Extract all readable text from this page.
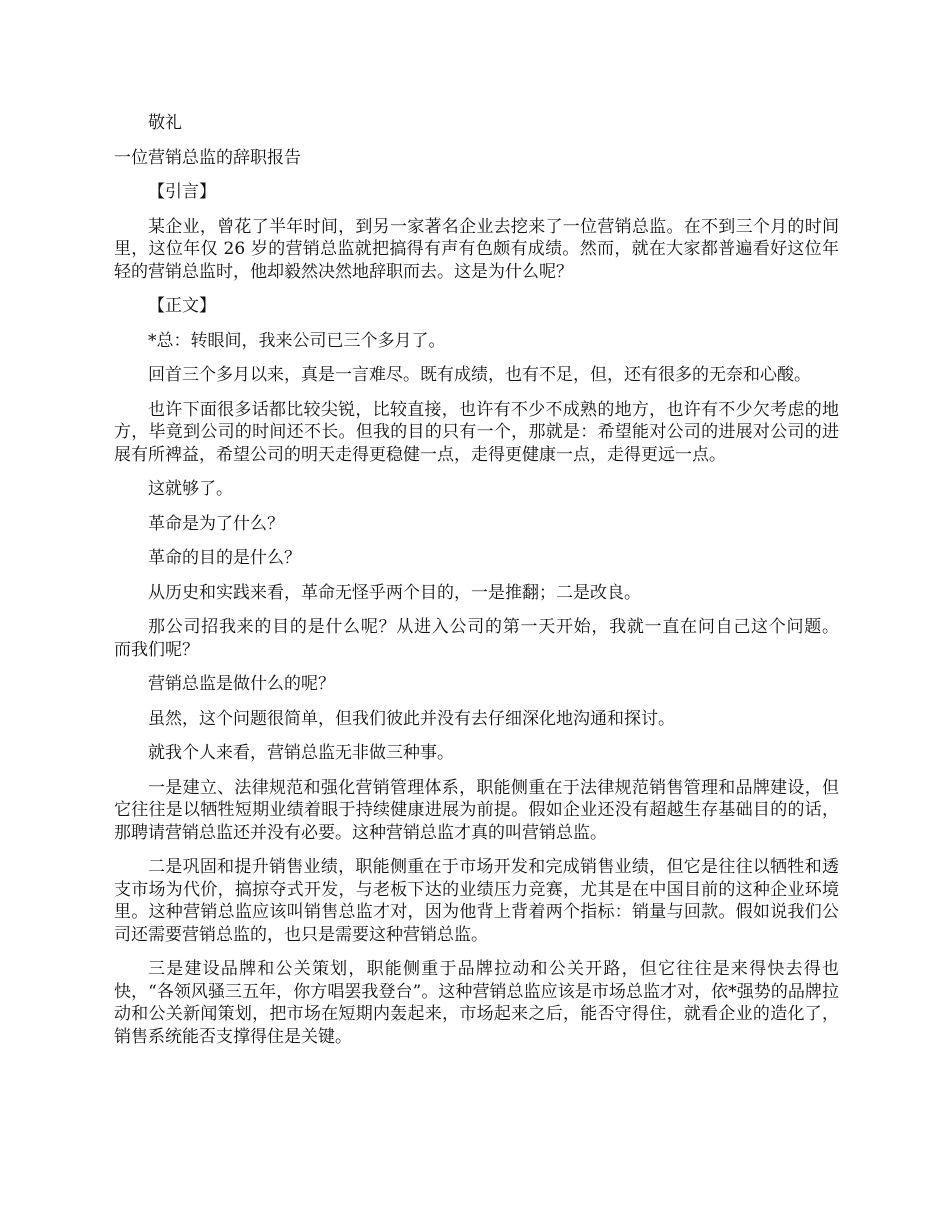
敬礼

一位营销总监的辞职报告

【引言】

某企业，曾花了半年时间，到另一家著名企业去挖来了一位营销总监。在不到三个月的时间里，这位年仅 26 岁的营销总监就把搞得有声有色颇有成绩。然而，就在大家都普遍看好这位年轻的营销总监时，他却毅然决然地辞职而去。这是为什么呢？

【正文】

*总：转眼间，我来公司已三个多月了。

回首三个多月以来，真是一言难尽。既有成绩，也有不足，但，还有很多的无奈和心酸。

也许下面很多话都比较尖锐，比较直接，也许有不少不成熟的地方，也许有不少欠考虑的地方，毕竟到公司的时间还不长。但我的目的只有一个，那就是：希望能对公司的进展对公司的进展有所裨益，希望公司的明天走得更稳健一点，走得更健康一点，走得更远一点。

这就够了。

革命是为了什么？

革命的目的是什么？

从历史和实践来看，革命无怪乎两个目的，一是推翻；二是改良。

那公司招我来的目的是什么呢？从进入公司的第一天开始，我就一直在问自己这个问题。        而我们呢？

营销总监是做什么的呢？

虽然，这个问题很简单，但我们彼此并没有去仔细深化地沟通和探讨。

就我个人来看，营销总监无非做三种事。

一是建立、法律规范和强化营销管理体系，职能侧重在于法律规范销售管理和品牌建设，但它往往是以牺牲短期业绩着眼于持续健康进展为前提。假如企业还没有超越生存基础目的的话，那聘请营销总监还并没有必要。这种营销总监才真的叫营销总监。

二是巩固和提升销售业绩，职能侧重在于市场开发和完成销售业绩，但它是往往以牺牲和透支市场为代价，搞掠夺式开发，与老板下达的业绩压力竞赛，尤其是在中国目前的这种企业环境里。这种营销总监应该叫销售总监才对，因为他背上背着两个指标：销量与回款。假如说我们公司还需要营销总监的，也只是需要这种营销总监。

三是建设品牌和公关策划，职能侧重于品牌拉动和公关开路，但它往往是来得快去得也快，“各领风骚三五年，你方唱罢我登台”。这种营销总监应该是市场总监才对，依*强势的品牌拉动和公关新闻策划，把市场在短期内轰起来，市场起来之后，能否守得住，就看企业的造化了，销售系统能否支撑得住是关键。
